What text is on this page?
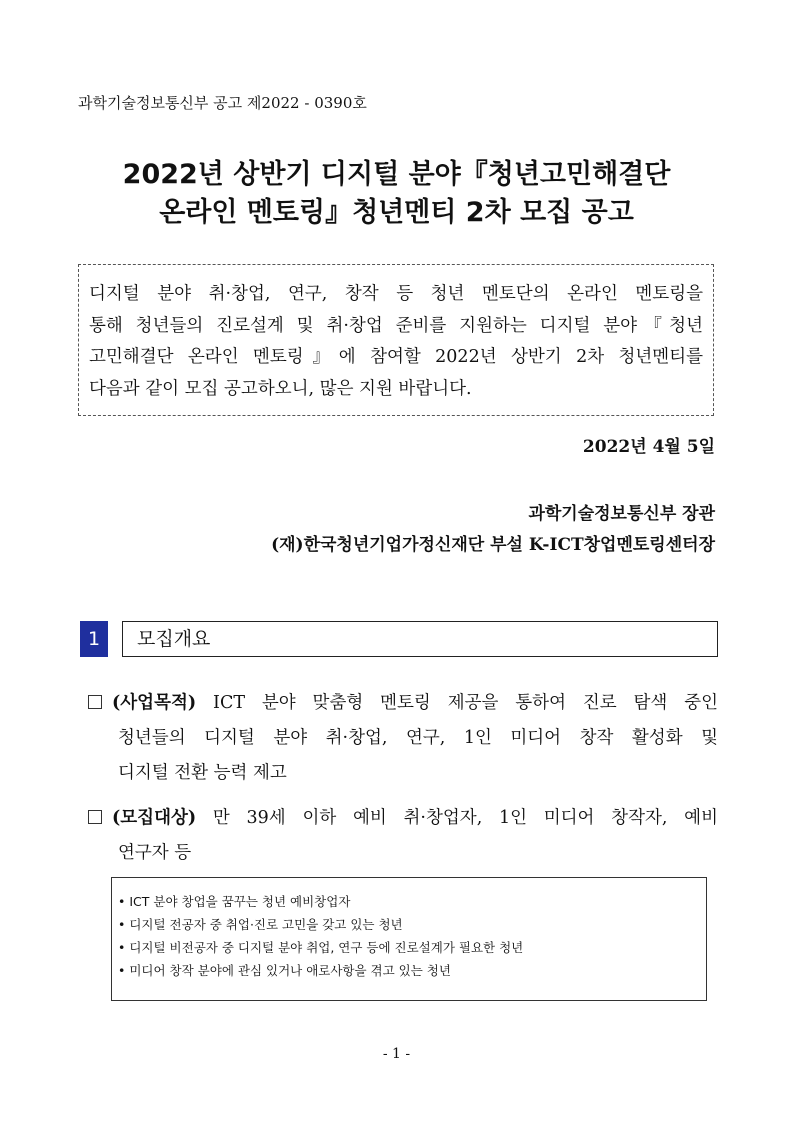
과학기술정보통신부 공고 제2022 - 0390호
2022년 상반기 디지털 분야『청년고민해결단
온라인 멘토링』청년멘티 2차 모집 공고
디지털 분야 취·창업, 연구, 창작 등 청년 멘토단의 온라인 멘토링을
통해 청년들의 진로설계 및 취·창업 준비를 지원하는 디지털 분야『청년
고민해결단 온라인 멘토링』에 참여할 2022년 상반기 2차 청년멘티를
다음과 같이 모집 공고하오니, 많은 지원 바랍니다.
2022년 4월 5일
과학기술정보통신부 장관
(재)한국청년기업가정신재단 부설 K-ICT창업멘토링센터장
1	모집개요
(사업목적) ICT 분야 맞춤형 멘토링 제공을 통하여 진로 탐색 중인
청년들의 디지털 분야 취·창업, 연구, 1인 미디어 창작 활성화 및
디지털 전환 능력 제고
(모집대상) 만 39세 이하 예비 취·창업자, 1인 미디어 창작자, 예비
연구자 등
• ICT 분야 창업을 꿈꾸는 청년 예비창업자
• 디지털 전공자 중 취업·진로 고민을 갖고 있는 청년
• 디지털 비전공자 중 디지털 분야 취업, 연구 등에 진로설계가 필요한 청년
• 미디어 창작 분야에 관심 있거나 애로사항을 겪고 있는 청년
- 1 -
